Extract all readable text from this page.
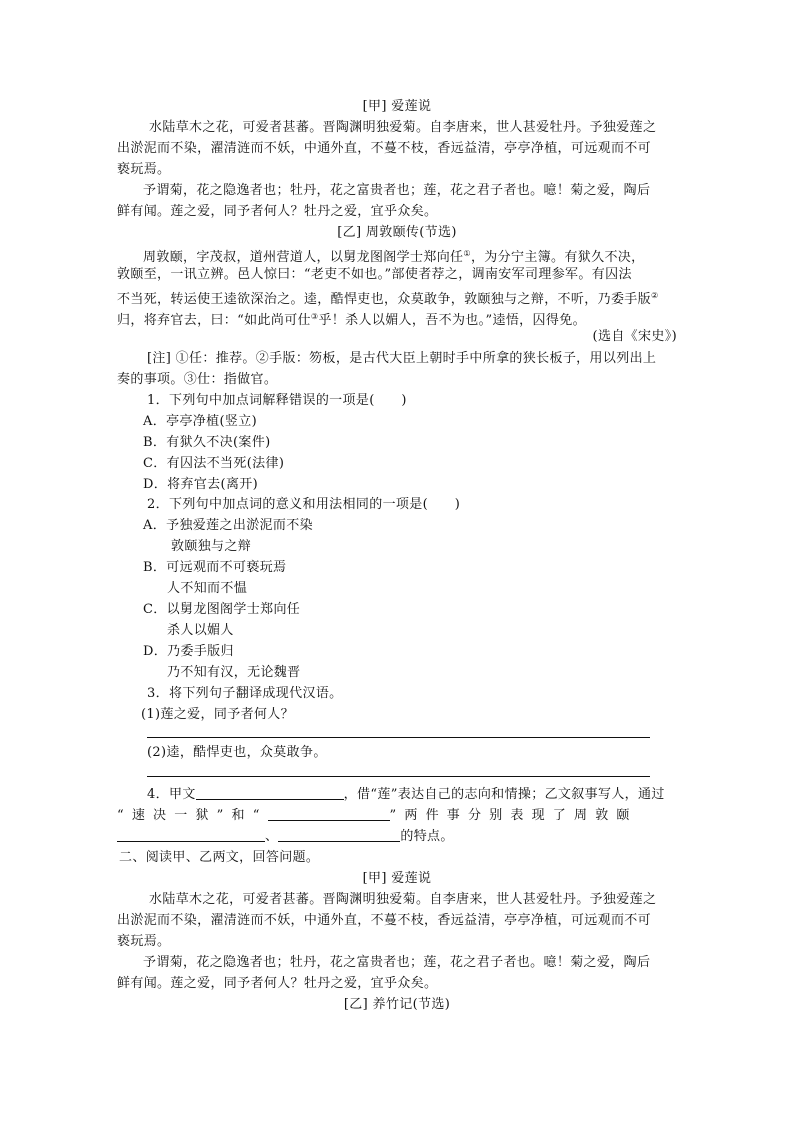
[甲] 爱莲说
水陆草木之花，可爱者甚蕃。晋陶渊明独爱菊。自李唐来，世人甚爱牡丹。予独爱莲之
出淤泥而不染，濯清涟而不妖，中通外直，不蔓不枝，香远益清，亭亭净植，可远观而不可
亵玩焉。
予谓菊，花之隐逸者也；牡丹，花之富贵者也；莲，花之君子者也。噫！菊之爱，陶后
鲜有闻。莲之爱，同予者何人？牡丹之爱，宜乎众矣。
[乙] 周敦颐传(节选)
周敦颐，字茂叔，道州营道人，以舅龙图阁学士郑向任①，为分宁主簿。有狱久不决，
敦颐至，一讯立辨。邑人惊曰：“老吏不如也。”部使者荐之，调南安军司理参军。有囚法
不当死，转运使王逵欲深治之。逵，酷悍吏也，众莫敢争，敦颐独与之辩，不听，乃委手版②
归，将弃官去，曰：“如此尚可仕③乎！杀人以媚人，吾不为也。”逵悟，囚得免。
(选自《宋史》)
[注] ①任：推荐。②手版：笏板，是古代大臣上朝时手中所拿的狭长板子，用以列出上
奏的事项。③仕：指做官。
1．下列句中加点词解释错误的一项是(　　)
A．亭亭净植(竖立)
B．有狱久不决(案件)
C．有囚法不当死(法律)
D．将弃官去(离开)
2．下列句中加点词的意义和用法相同的一项是(　　)
A．予独爱莲之出淤泥而不染
敦颐独与之辩
B．可远观而不可亵玩焉
人不知而不愠
C．以舅龙图阁学士郑向任
杀人以媚人
D．乃委手版归
乃不知有汉，无论魏晋
3．将下列句子翻译成现代汉语。
(1)莲之爱，同予者何人？
(2)逵，酷悍吏也，众莫敢争。
4．甲文	，借“莲”表达自己的志向和情操；乙文叙事写人，通过
“速决一狱”和“	”两件事分别表现了周敦颐
、	的特点。
二、阅读甲、乙两文，回答问题。
[甲] 爱莲说
水陆草木之花，可爱者甚蕃。晋陶渊明独爱菊。自李唐来，世人甚爱牡丹。予独爱莲之
出淤泥而不染，濯清涟而不妖，中通外直，不蔓不枝，香远益清，亭亭净植，可远观而不可
亵玩焉。
予谓菊，花之隐逸者也；牡丹，花之富贵者也；莲，花之君子者也。噫！菊之爱，陶后
鲜有闻。莲之爱，同予者何人？牡丹之爱，宜乎众矣。
[乙] 养竹记(节选)
